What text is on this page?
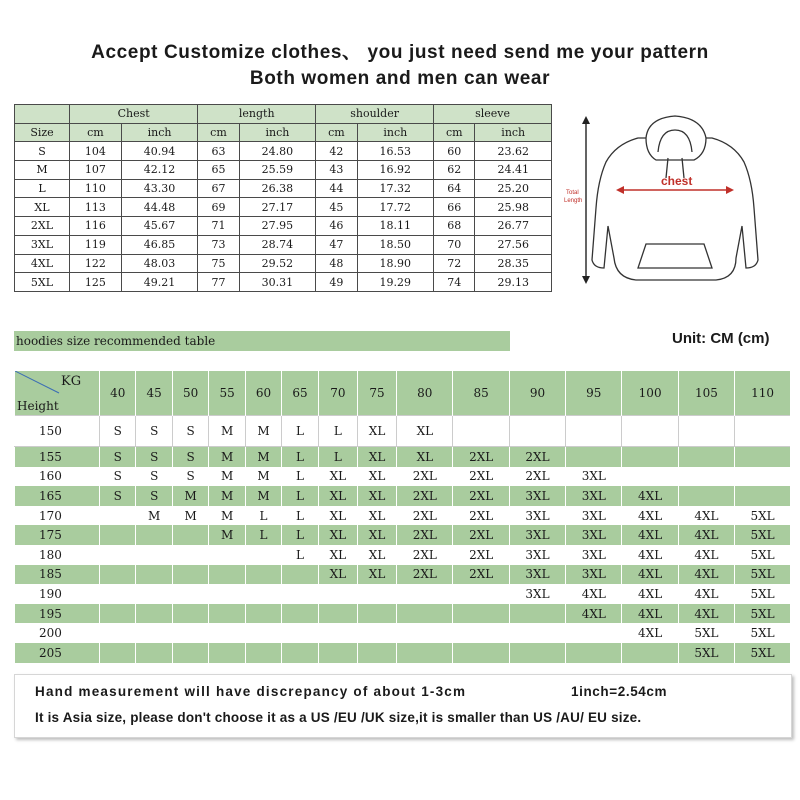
Accept Customize clothes、 you just need send me your pattern
Both women and men can wear
	Chest		length		shoulder		sleeve	
Size	cm	inch	cm	inch	cm	inch	cm	inch
S	104	40.94	63	24.80	42	16.53	60	23.62
M	107	42.12	65	25.59	43	16.92	62	24.41
L	110	43.30	67	26.38	44	17.32	64	25.20
XL	113	44.48	69	27.17	45	17.72	66	25.98
2XL	116	45.67	71	27.95	46	18.11	68	26.77
3XL	119	46.85	73	28.74	47	18.50	70	27.56
4XL	122	48.03	75	29.52	48	18.90	72	28.35
5XL	125	49.21	77	30.31	49	19.29	74	29.13
Total
Length
chest
hoodies size recommended table	Unit: CM (cm)
KG
Height	40	45	50	55	60	65	70	75	80	85	90	95	100	105	110
150	S	S	S	M	M	L	L	XL	XL						
155	S	S	S	M	M	L	L	XL	XL	2XL	2XL				
160	S	S	S	M	M	L	XL	XL	2XL	2XL	2XL	3XL			
165	S	S	M	M	M	L	XL	XL	2XL	2XL	3XL	3XL	4XL		
170		M	M	M	L	L	XL	XL	2XL	2XL	3XL	3XL	4XL	4XL	5XL
175				M	L	L	XL	XL	2XL	2XL	3XL	3XL	4XL	4XL	5XL
180						L	XL	XL	2XL	2XL	3XL	3XL	4XL	4XL	5XL
185							XL	XL	2XL	2XL	3XL	3XL	4XL	4XL	5XL
190											3XL	4XL	4XL	4XL	5XL
195												4XL	4XL	4XL	5XL
200													4XL	5XL	5XL
205														5XL	5XL
Hand measurement will have discrepancy of about 1-3cm	1inch=2.54cm
It is Asia size, please don't choose it as a US /EU /UK size,it is smaller than US /AU/ EU size.
